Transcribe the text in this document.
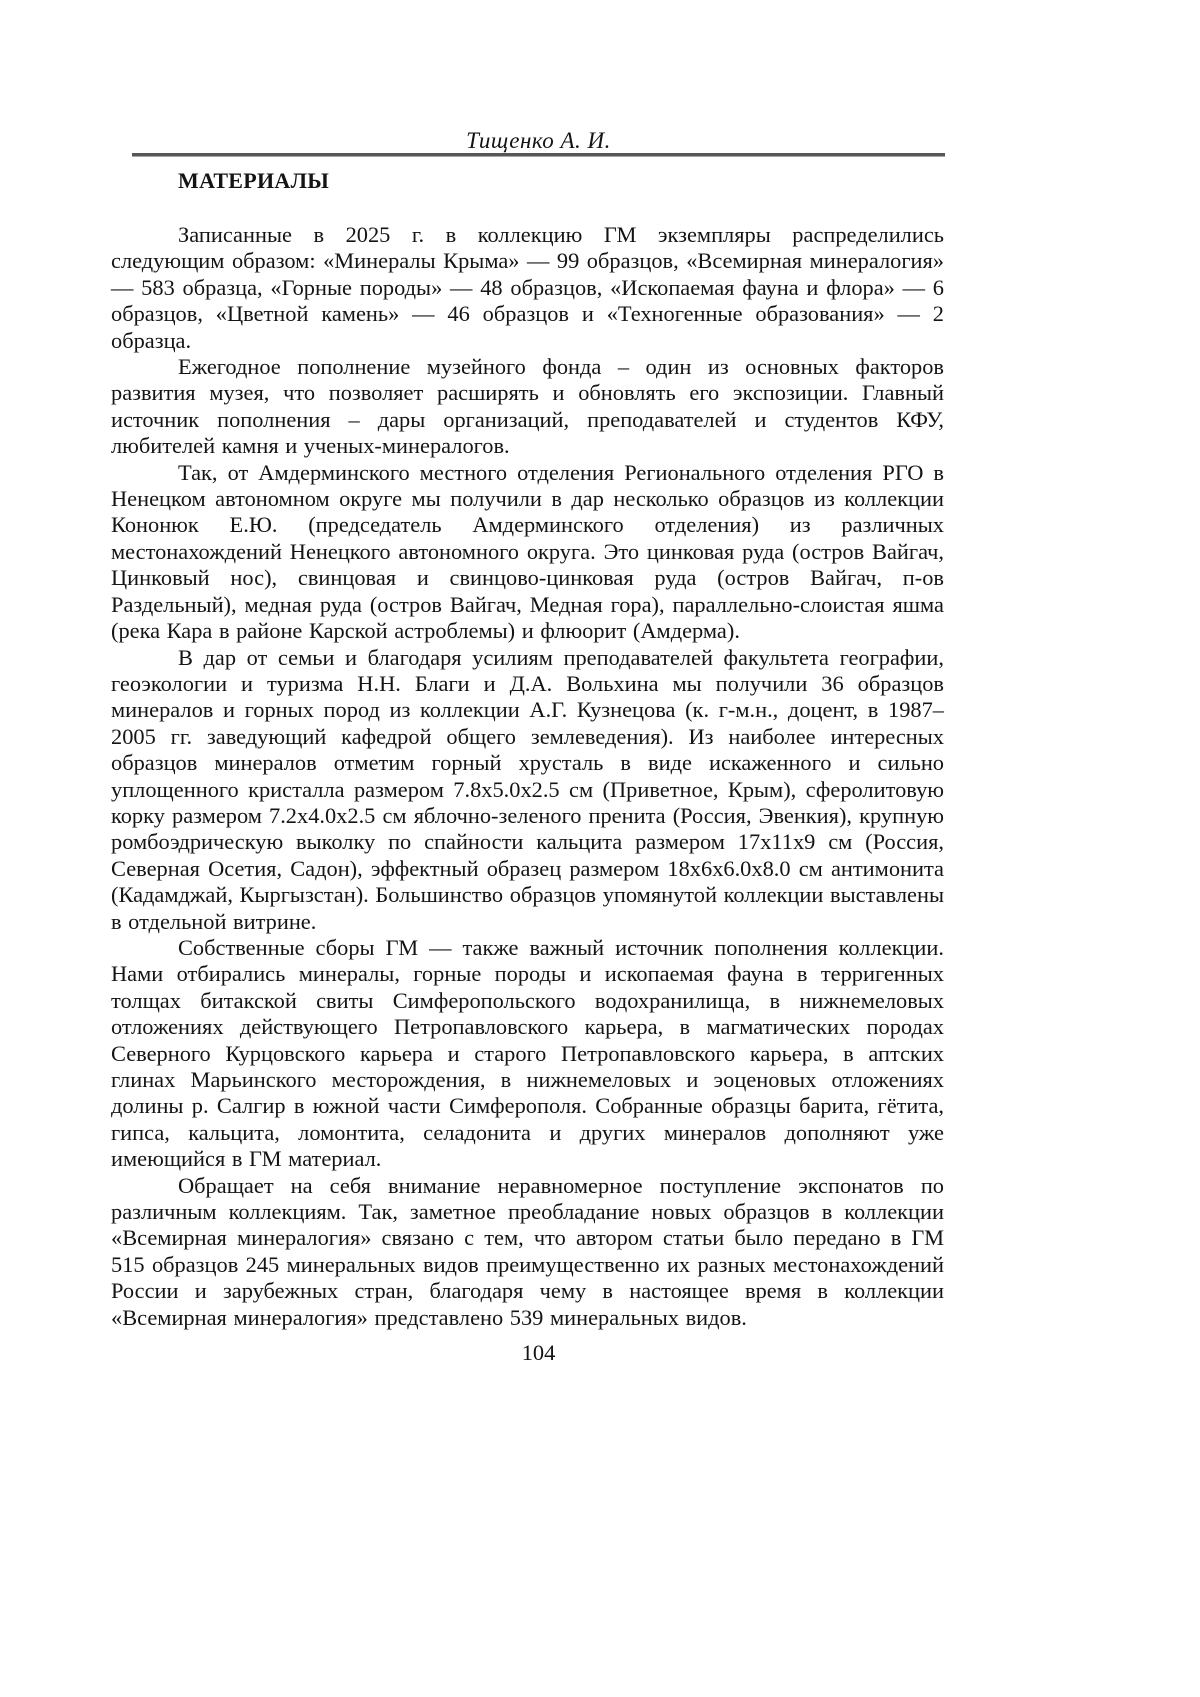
Тищенко А. И.
МАТЕРИАЛЫ

Записанные в 2025 г. в коллекцию ГМ экземпляры распределились следующим образом: «Минералы Крыма» — 99 образцов, «Всемирная минералогия» — 583 образца, «Горные породы» — 48 образцов, «Ископаемая фауна и флора» — 6 образцов, «Цветной камень» — 46 образцов и «Техногенные образования» — 2 образца.

Ежегодное пополнение музейного фонда – один из основных факторов развития музея, что позволяет расширять и обновлять его экспозиции. Главный источник пополнения – дары организаций, преподавателей и студентов КФУ, любителей камня и ученых-минералогов.

Так, от Амдерминского местного отделения Регионального отделения РГО в Ненецком автономном округе мы получили в дар несколько образцов из коллекции Кононюк Е.Ю. (председатель Амдерминского отделения) из различных местонахождений Ненецкого автономного округа. Это цинковая руда (остров Вайгач, Цинковый нос), свинцовая и свинцово-цинковая руда (остров Вайгач, п-ов Раздельный), медная руда (остров Вайгач, Медная гора), параллельно-слоистая яшма (река Кара в районе Карской астроблемы) и флюорит (Амдерма).

В дар от семьи и благодаря усилиям преподавателей факультета географии, геоэкологии и туризма Н.Н. Благи и Д.А. Вольхина мы получили 36 образцов минералов и горных пород из коллекции А.Г. Кузнецова (к. г-м.н., доцент, в 1987–2005 гг. заведующий кафедрой общего землеведения). Из наиболее интересных образцов минералов отметим горный хрусталь в виде искаженного и сильно уплощенного кристалла размером 7.8х5.0х2.5 см (Приветное, Крым), сферолитовую корку размером 7.2х4.0х2.5 см яблочно-зеленого пренита (Россия, Эвенкия), крупную ромбоэдрическую выколку по спайности кальцита размером 17х11х9 см (Россия, Северная Осетия, Садон), эффектный образец размером 18х6х6.0х8.0 см антимонита (Кадамджай, Кыргызстан). Большинство образцов упомянутой коллекции выставлены в отдельной витрине.

Собственные сборы ГМ — также важный источник пополнения коллекции. Нами отбирались минералы, горные породы и ископаемая фауна в терригенных толщах битакской свиты Симферопольского водохранилища, в нижнемеловых отложениях действующего Петропавловского карьера, в магматических породах Северного Курцовского карьера и старого Петропавловского карьера, в аптских глинах Марьинского месторождения, в нижнемеловых и эоценовых отложениях долины р. Салгир в южной части Симферополя. Собранные образцы барита, гётита, гипса, кальцита, ломонтита, селадонита и других минералов дополняют уже имеющийся в ГМ материал.

Обращает на себя внимание неравномерное поступление экспонатов по различным коллекциям. Так, заметное преобладание новых образцов в коллекции «Всемирная минералогия» связано с тем, что автором статьи было передано в ГМ 515 образцов 245 минеральных видов преимущественно их разных местонахождений России и зарубежных стран, благодаря чему в настоящее время в коллекции «Всемирная минералогия» представлено 539 минеральных видов.

104
